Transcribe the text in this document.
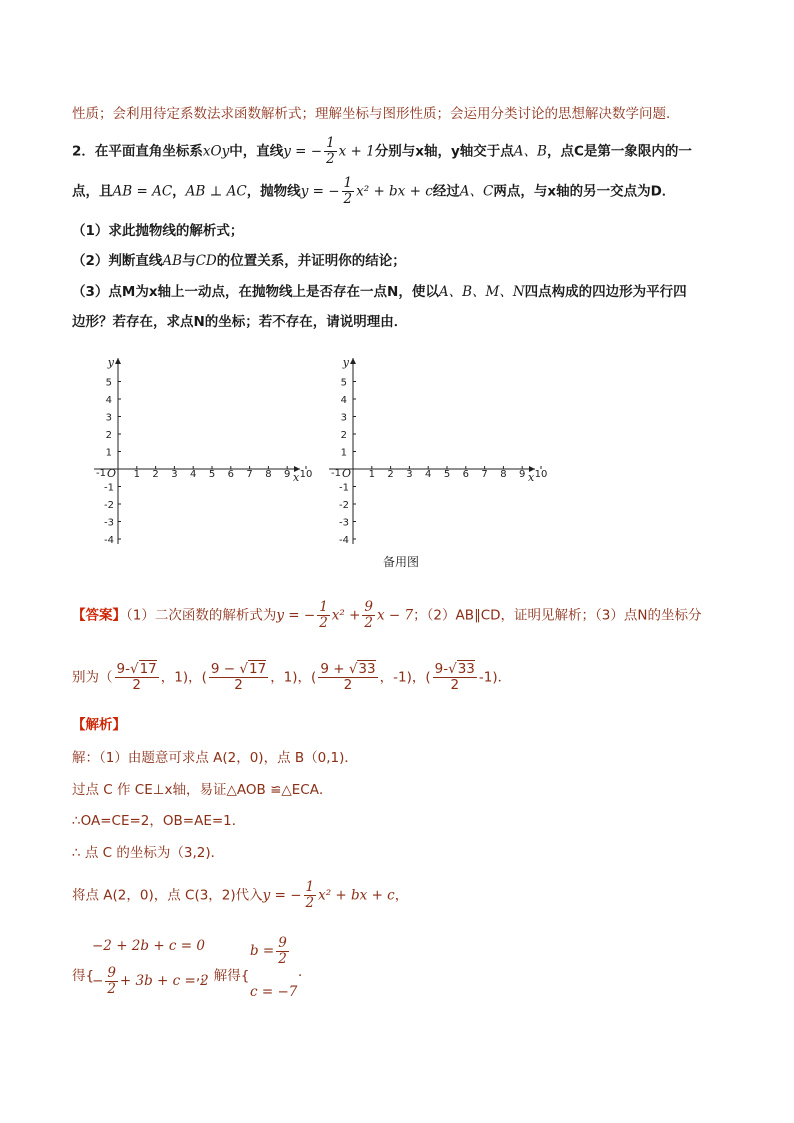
性质；会利用待定系数法求函数解析式；理解坐标与图形性质；会运用分类讨论的思想解决数学问题．
2．在平面直角坐标系xOy中，直线y = − $\frac{1}{2}$ x + 1分别与x轴，y轴交于点A、B，点C是第一象限内的一
点，且AB = AC，AB ⊥ AC，抛物线y = − $\frac{1}{2} x^2$ + bx + c经过A、C两点，与x轴的另一交点为D．
（1）求此抛物线的解析式；
（2）判断直线AB与CD的位置关系，并证明你的结论；
（3）点M为x轴上一动点，在抛物线上是否存在一点N，使以A、B、M、N四点构成的四边形为平行四
边形？若存在，求点N的坐标；若不存在，请说明理由．
y
x
O
-1	1 2 3 4 5 6 7 8 9 10
1
2
3
4
5
-1
-2
-3
-4
y
x
O
-1	1 2 3 4 5 6 7 8 9 10
1
2
3
4
5
-1
-2
-3
-4
备用图
【答案】（1）二次函数的解析式为y = − $\frac{1}{2} x^2 + \frac{9}{2}$ x − 7；（2）AB∥CD，证明见解析；（3）点N的坐标分
别为（ $\frac{9-√17}{2}$ ，1)，( $\frac{9 - √17}{2}$ ，1)，( $\frac{9 + √33}{2}$ ，-1)，( $\frac{9-√33}{2} -1$)．
【解析】
解：（1）由题意可求点 A(2，0)，点 B（0,1)．
过点 C 作 CE⊥x轴，易证△AOB ≌△ECA．
∴OA=CE=2，OB=AE=1．
∴ 点 C 的坐标为（3,2)．
将点 A(2，0)，点 C(3，2)代入y = − $\frac{1}{2} x^2$ + bx + c，
−2 + 2b + c = 0
得{
− $\frac{9}{2} + 3b + c = 2$
,，解得{
$b = \frac{9}{2}$
c = −7
．
